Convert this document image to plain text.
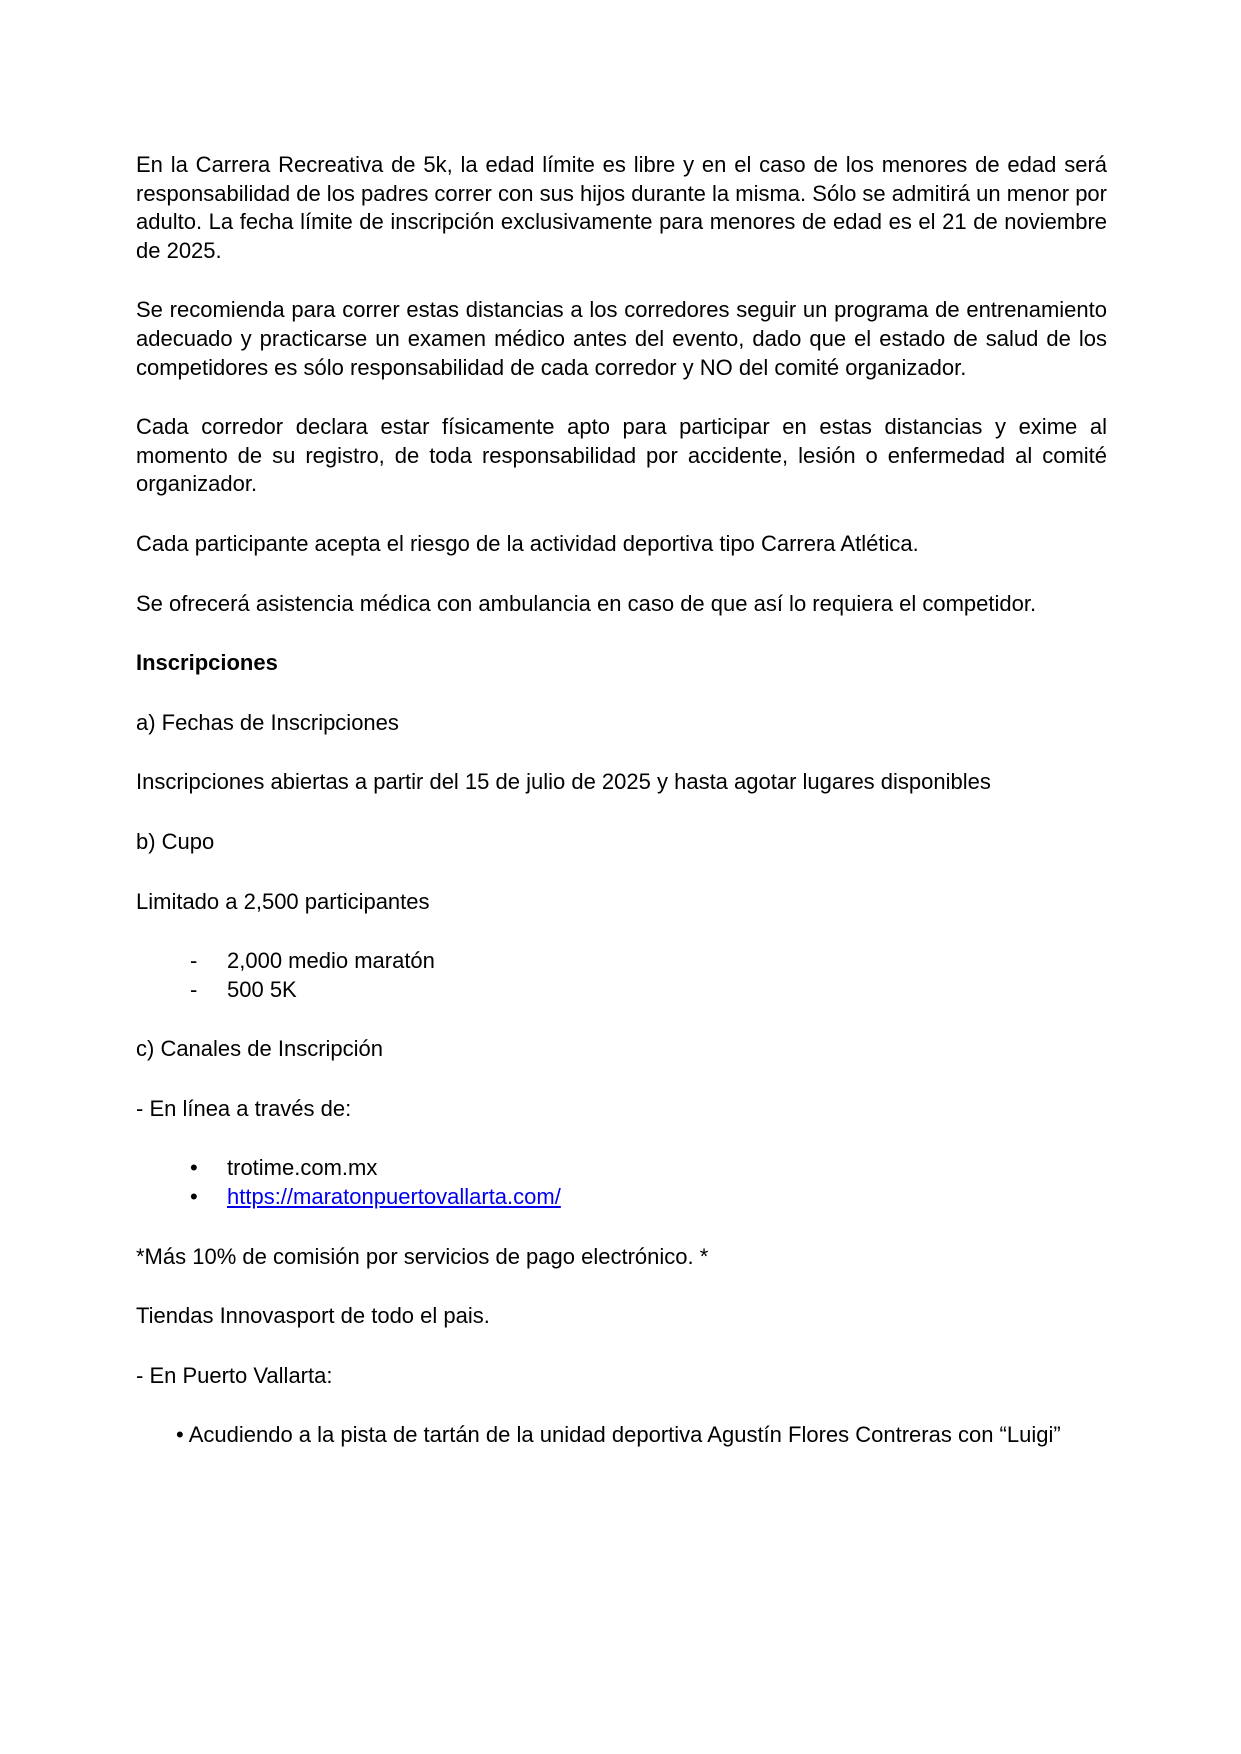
En la Carrera Recreativa de 5k, la edad límite es libre y en el caso de los menores de edad será responsabilidad de los padres correr con sus hijos durante la misma. Sólo se admitirá un menor por adulto. La fecha límite de inscripción exclusivamente para menores de edad es el 21 de noviembre de 2025.

Se recomienda para correr estas distancias a los corredores seguir un programa de entrenamiento adecuado y practicarse un examen médico antes del evento, dado que el estado de salud de los competidores es sólo responsabilidad de cada corredor y NO del comité organizador.

Cada corredor declara estar físicamente apto para participar en estas distancias y exime al momento de su registro, de toda responsabilidad por accidente, lesión o enfermedad al comité organizador.

Cada participante acepta el riesgo de la actividad deportiva tipo Carrera Atlética.

Se ofrecerá asistencia médica con ambulancia en caso de que así lo requiera el competidor.

Inscripciones

a) Fechas de Inscripciones

Inscripciones abiertas a partir del 15 de julio de 2025 y hasta agotar lugares disponibles

b) Cupo

Limitado a 2,500 participantes

- 2,000 medio maratón
- 500 5K

c) Canales de Inscripción

- En línea a través de:

• trotime.com.mx
• https://maratonpuertovallarta.com/

*Más 10% de comisión por servicios de pago electrónico. *

Tiendas Innovasport de todo el pais.

- En Puerto Vallarta:

• Acudiendo a la pista de tartán de la unidad deportiva Agustín Flores Contreras con “Luigi”
